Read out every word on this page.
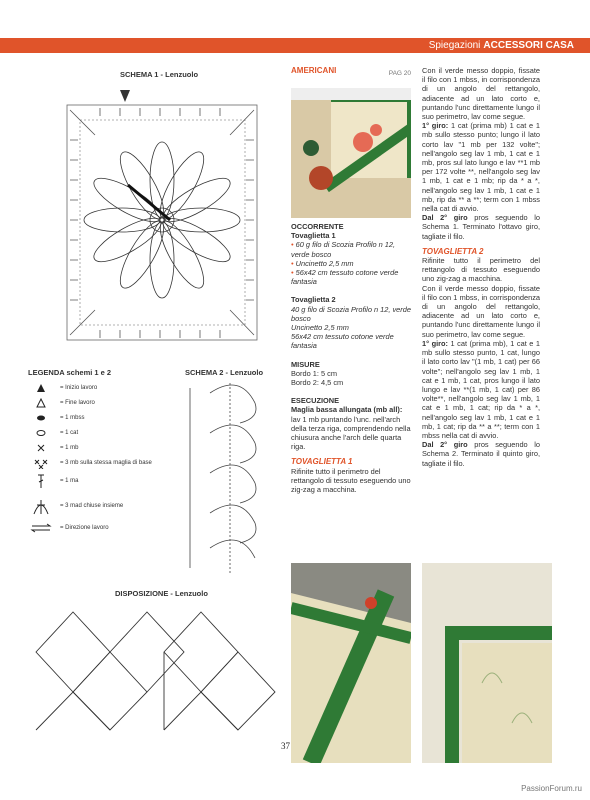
Spiegazioni ACCESSORI CASA
SCHEMA 1 - Lenzuolo
LEGENDA schemi 1 e 2
= Inizio lavoro
= Fine lavoro
= 1 mbss
= 1 cat
= 1 mb
= 3 mb sulla stessa maglia di base
= 1 ma
= 3 mad chiuse insieme
= Direzione lavoro
SCHEMA 2 - Lenzuolo
DISPOSIZIONE - Lenzuolo
AMERICANI	PAG 20

OCCORRENTE

Tovaglietta 1

• 60 g filo di Scozia Profilo n 12, verde bosco

• Uncinetto 2,5 mm

• 56x42 cm tessuto cotone verde fantasia

Tovaglietta 2

40 g filo di Scozia Profilo n 12, verde bosco

Uncinetto 2,5 mm

56x42 cm tessuto cotone verde fantasia

MISURE

Bordo 1: 5 cm

Bordo 2: 4,5 cm

ESECUZIONE

Maglia bassa allungata (mb all): lav 1 mb puntando l'unc. nell'arch della terza riga, comprendendo nella chiusura anche l'arch delle quarta riga.

TOVAGLIETTA 1

Rifinite tutto il perimetro del rettangolo di tessuto eseguendo uno zig-zag a macchina.

Con il verde messo doppio, fissate il filo con 1 mbss, in corrispondenza di un angolo del rettangolo, adiacente ad un lato corto e, puntando l'unc direttamente lungo il suo perimetro, lav come segue.

1° giro: 1 cat (prima mb) 1 cat e 1 mb sullo stesso punto; lungo il lato corto lav "1 mb per 132 volte"; nell'angolo seg lav 1 mb, 1 cat e 1 mb, pros sul lato lungo e lav **1 mb per 172 volte **, nell'angolo seg lav 1 mb, 1 cat e 1 mb; rip da * a *, nell'angolo seg lav 1 mb, 1 cat e 1 mb, rip da ** a **; term con 1 mbss nella cat di avvio.

Dal 2° giro pros seguendo lo Schema 1. Terminato l'ottavo giro, tagliate il filo.

TOVAGLIETTA 2

Rifinite tutto il perimetro del rettangolo di tessuto eseguendo uno zig-zag a macchina.

Con il verde messo doppio, fissate il filo con 1 mbss, in corrispondenza di un angolo del rettangolo, adiacente ad un lato corto e, puntando l'unc direttamente lungo il suo perimetro, lav come segue.

1° giro: 1 cat (prima mb), 1 cat e 1 mb sullo stesso punto, 1 cat, lungo il lato corto lav "(1 mb, 1 cat) per 66 volte"; nell'angolo seg lav 1 mb, 1 cat e 1 mb, 1 cat, pros lungo il lato lungo e lav **(1 mb, 1 cat) per 86 volte**, nell'angolo seg lav 1 mb, 1 cat e 1 mb, 1 cat; rip da * a *, nell'angolo seg lav 1 mb, 1 cat e 1 mb, 1 cat; rip da ** a **; term con 1 mbss nella cat di avvio.

Dal 2° giro pros seguendo lo Schema 2. Terminato il quinto giro, tagliate il filo.

37
PassionForum.ru
